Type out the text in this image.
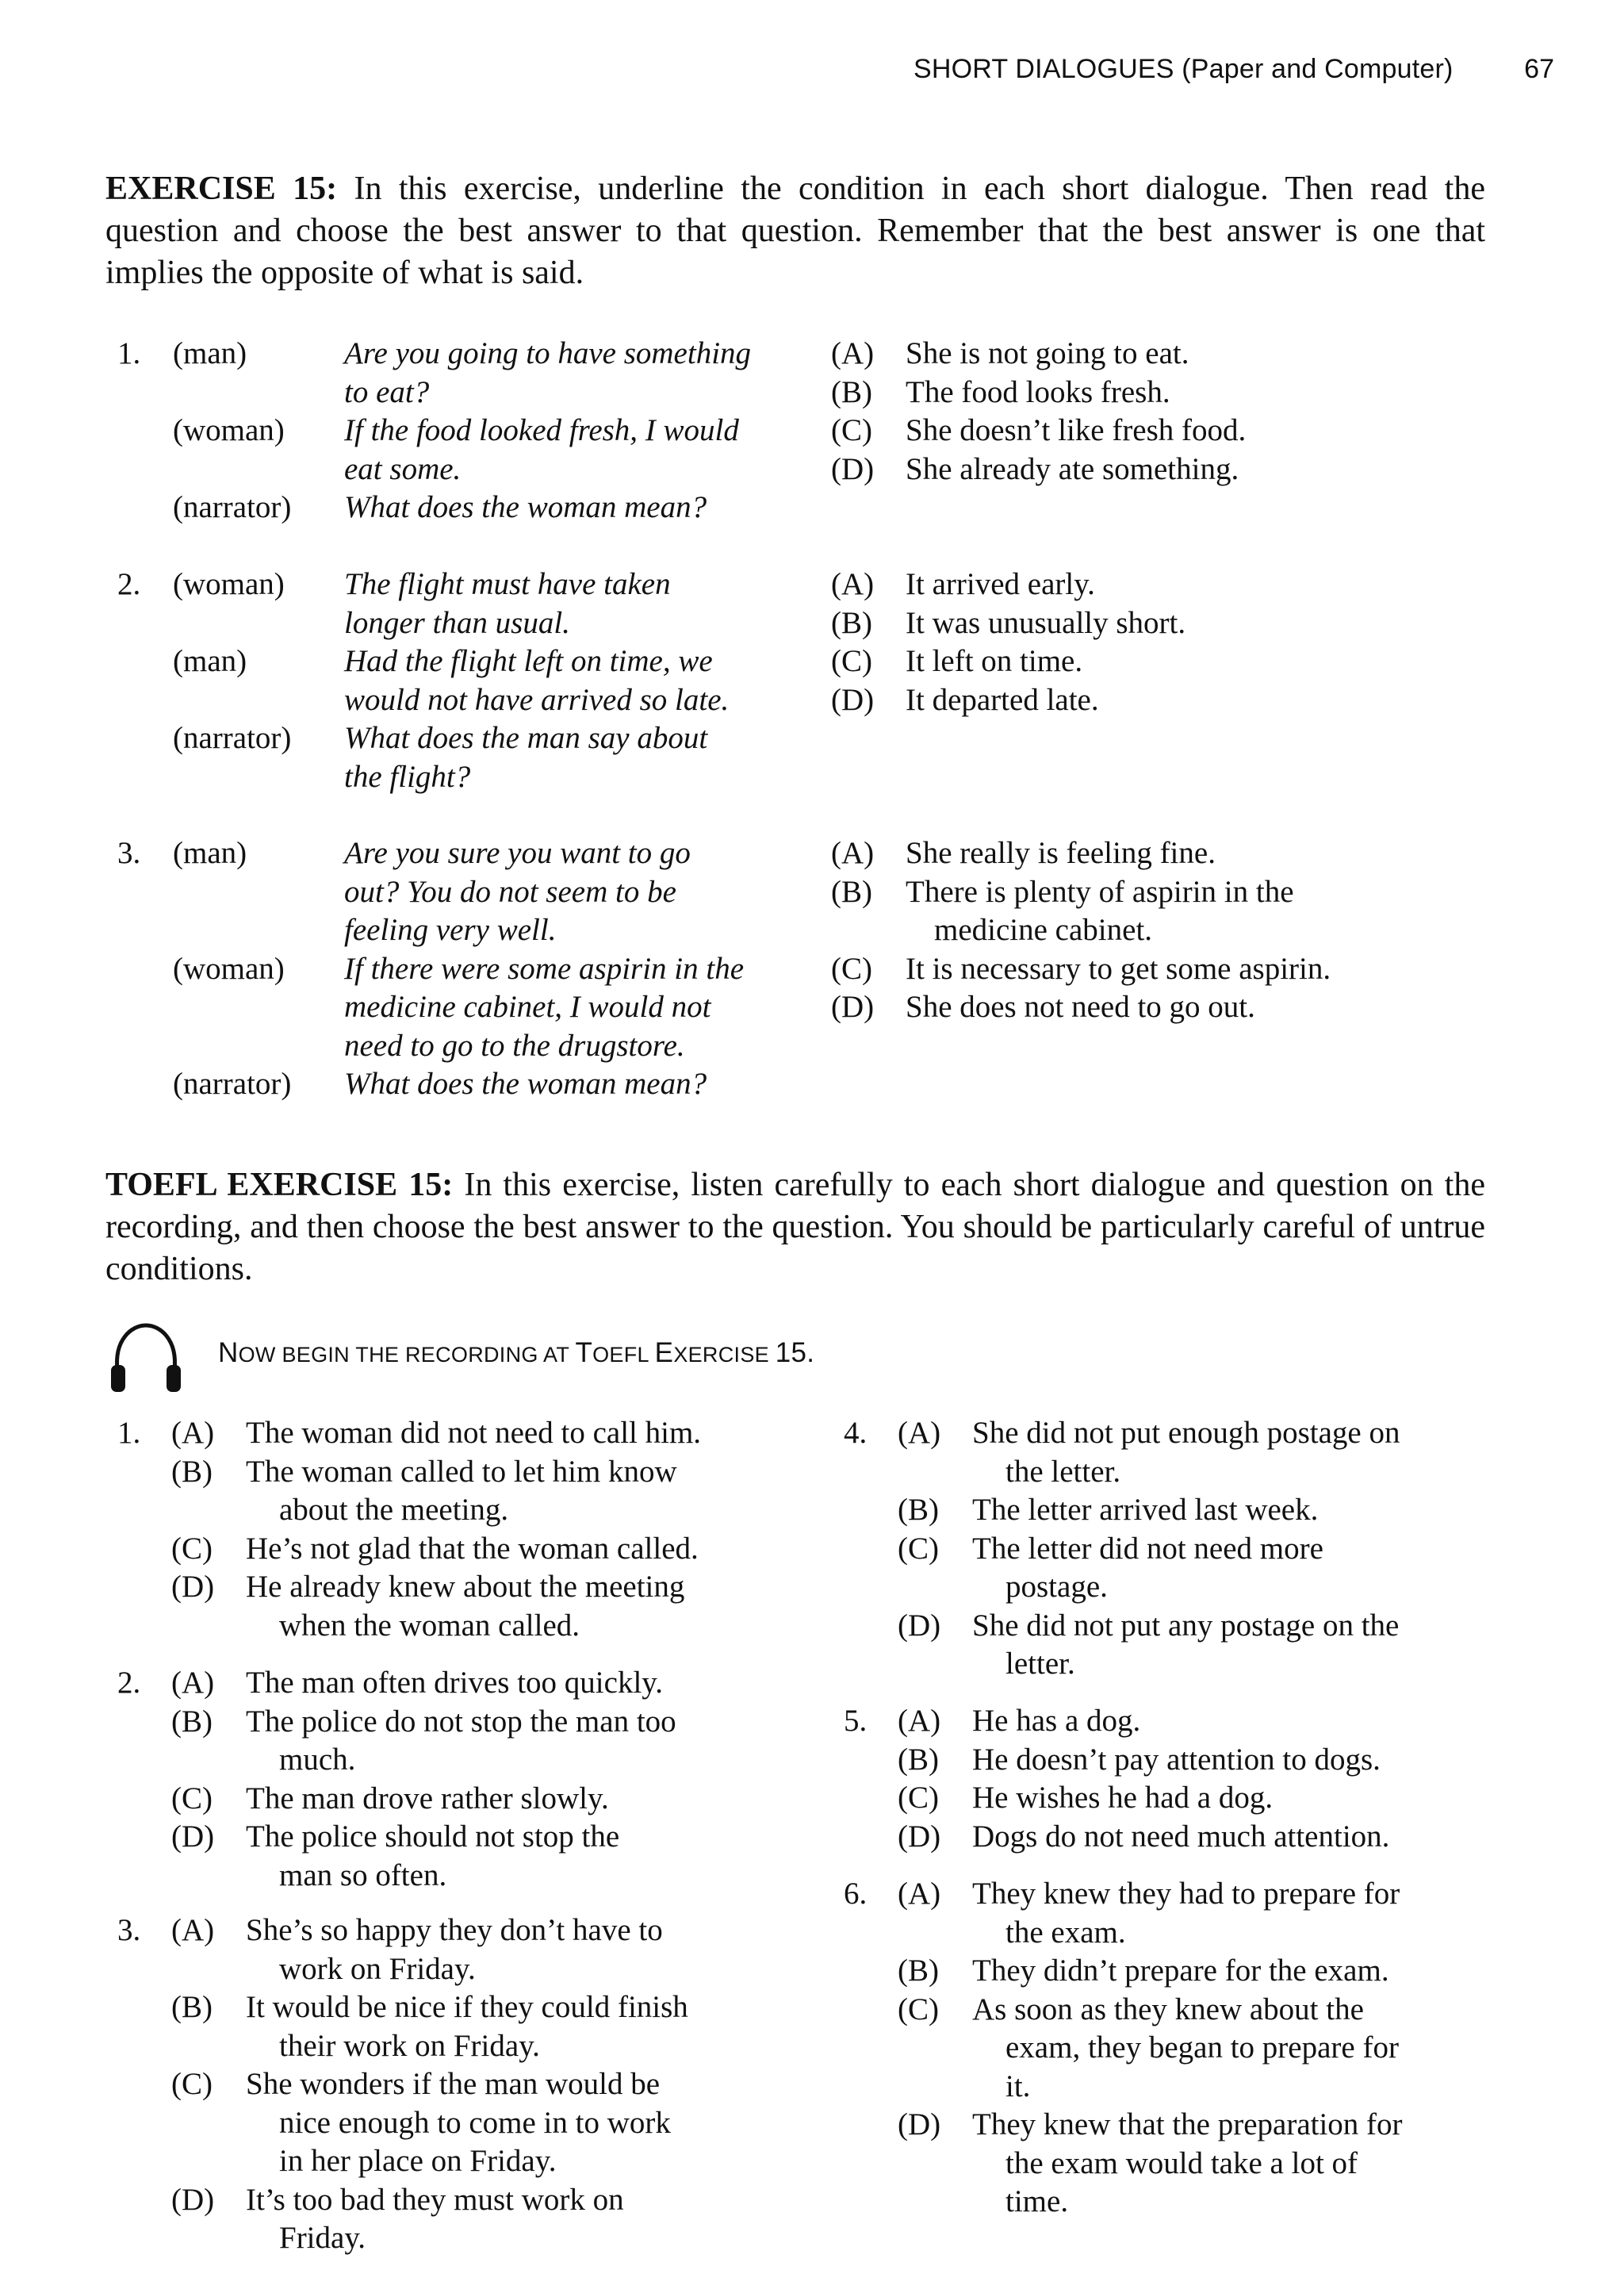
SHORT DIALOGUES (Paper and Computer)	67
EXERCISE 15: In this exercise, underline the condition in each short dialogue. Then read the question and choose the best answer to that question. Remember that the best answer is one that implies the opposite of what is said.
1. (man)	Are you going to have something
to eat?
(woman) If the food looked fresh, I would
eat some.
(narrator) What does the woman mean?
(A) She is not going to eat.
(B) The food looks fresh.
(C) She doesn’t like fresh food.
(D) She already ate something.
2. (woman) The flight must have taken
longer than usual.
(man)	Had the flight left on time, we
would not have arrived so late.
(narrator) What does the man say about
the flight?
(A) It arrived early.
(B) It was unusually short.
(C) It left on time.
(D) It departed late.
3. (man)	Are you sure you want to go
out? You do not seem to be
feeling very well.
(woman) If there were some aspirin in the
medicine cabinet, I would not
need to go to the drugstore.
(narrator) What does the woman mean?
(A) She really is feeling fine.
(B) There is plenty of aspirin in the
medicine cabinet.
(C) It is necessary to get some aspirin.
(D) She does not need to go out.
TOEFL EXERCISE 15: In this exercise, listen carefully to each short dialogue and question on the recording, and then choose the best answer to the question. You should be particularly careful of untrue conditions.
NOW BEGIN THE RECORDING AT TOEFL EXERCISE 15.
1. (A) The woman did not need to call him.
(B) The woman called to let him know
about the meeting.
(C) He’s not glad that the woman called.
(D) He already knew about the meeting
when the woman called.
2. (A) The man often drives too quickly.
(B) The police do not stop the man too
much.
(C) The man drove rather slowly.
(D) The police should not stop the
man so often.
3. (A) She’s so happy they don’t have to
work on Friday.
(B) It would be nice if they could finish
their work on Friday.
(C) She wonders if the man would be
nice enough to come in to work
in her place on Friday.
(D) It’s too bad they must work on
Friday.
4. (A) She did not put enough postage on
the letter.
(B) The letter arrived last week.
(C) The letter did not need more
postage.
(D) She did not put any postage on the
letter.
5. (A) He has a dog.
(B) He doesn’t pay attention to dogs.
(C) He wishes he had a dog.
(D) Dogs do not need much attention.
6. (A) They knew they had to prepare for
the exam.
(B) They didn’t prepare for the exam.
(C) As soon as they knew about the
exam, they began to prepare for
it.
(D) They knew that the preparation for
the exam would take a lot of
time.
